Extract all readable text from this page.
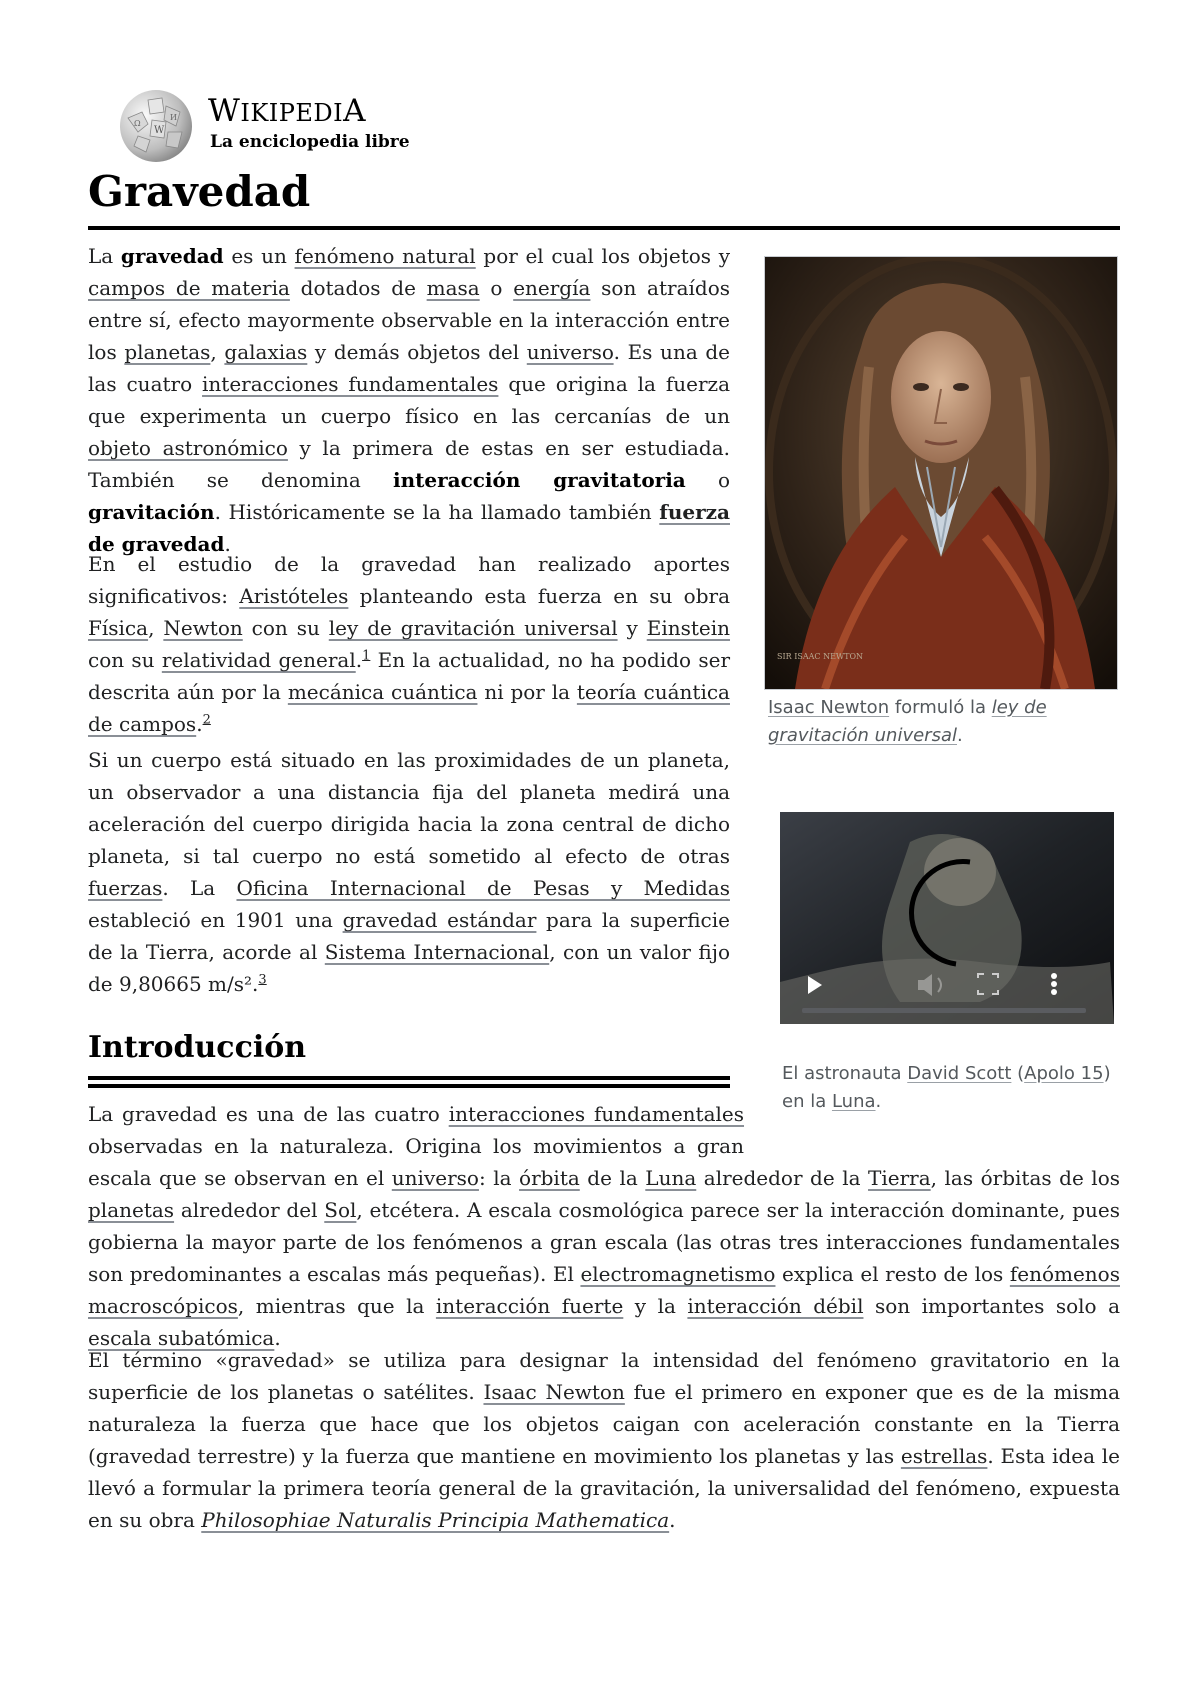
W
Ω
И WIKIPEDIA
La enciclopedia libre
Gravedad

La gravedad es un fenómeno natural por el cual los objetos y campos de materia dotados de masa o energía son atraídos entre sí, efecto mayormente observable en la interacción entre los planetas, galaxias y demás objetos del universo. Es una de las cuatro interacciones fundamentales que origina la fuerza que experimenta un cuerpo físico en las cercanías de un objeto astronómico y la primera de estas en ser estudiada. También se denomina interacción gravitatoria o gravitación. Históricamente se la ha llamado también fuerza de gravedad.

En el estudio de la gravedad han realizado aportes significativos: Aristóteles planteando esta fuerza en su obra Física, Newton con su ley de gravitación universal y Einstein con su relatividad general.$^1$ En la actualidad, no ha podido ser descrita aún por la mecánica cuántica ni por la teoría cuántica de campos.$^2$

Si un cuerpo está situado en las proximidades de un planeta, un observador a una distancia fija del planeta medirá una aceleración del cuerpo dirigida hacia la zona central de dicho planeta, si tal cuerpo no está sometido al efecto de otras fuerzas. La Oficina Internacional de Pesas y Medidas estableció en 1901 una gravedad estándar para la superficie de la Tierra, acorde al Sistema Internacional, con un valor fijo de 9,80665 m/s².$^3$

Introducción

La gravedad es una de las cuatro interacciones fundamentales observadas en la naturaleza. Origina los movimientos a gran escala que se observan en el universo: la órbita de la Luna alrededor de la Tierra, las órbitas de los planetas alrededor del Sol, etcétera. A escala cosmológica parece ser la interacción dominante, pues gobierna la mayor parte de los fenómenos a gran escala (las otras tres interacciones fundamentales son predominantes a escalas más pequeñas). El electromagnetismo explica el resto de los fenómenos macroscópicos, mientras que la interacción fuerte y la interacción débil son importantes solo a escala subatómica.

El término «gravedad» se utiliza para designar la intensidad del fenómeno gravitatorio en la superficie de los planetas o satélites. Isaac Newton fue el primero en exponer que es de la misma naturaleza la fuerza que hace que los objetos caigan con aceleración constante en la Tierra (gravedad terrestre) y la fuerza que mantiene en movimiento los planetas y las estrellas. Esta idea le llevó a formular la primera teoría general de la gravitación, la universalidad del fenómeno, expuesta en su obra Philosophiae Naturalis Principia Mathematica.

SIR ISAAC NEWTON
Isaac Newton formuló la ley de gravitación universal.
El astronauta David Scott (Apolo 15) en la Luna.
